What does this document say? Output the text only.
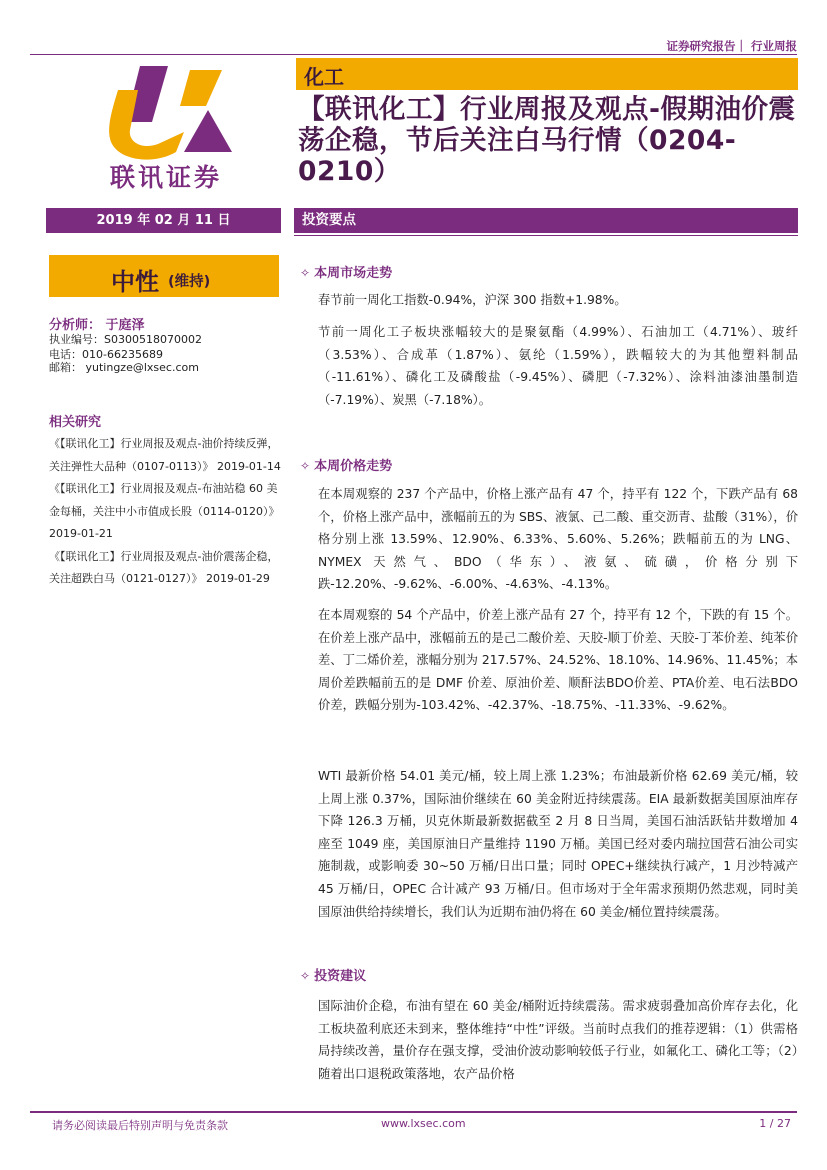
证券研究报告｜ 行业周报
联讯证券
化工
【联讯化工】行业周报及观点-假期油价震荡企稳，节后关注白马行情（0204-0210）
2019 年 02 月 11 日	投资要点
中性 (维持)
分析师： 于庭泽
执业编号：S0300518070002
电话：010-66235689
邮箱： yutingze@lxsec.com
相关研究
《【联讯化工】行业周报及观点-油价持续反弹，关注弹性大品种（0107-0113）》 2019-01-14
《【联讯化工】行业周报及观点-布油站稳 60 美金每桶，关注中小市值成长股（0114-0120）》2019-01-21
《【联讯化工】行业周报及观点-油价震荡企稳，关注超跌白马（0121-0127）》 2019-01-29
✧ 本周市场走势
春节前一周化工指数-0.94%，沪深 300 指数+1.98%。
节前一周化工子板块涨幅较大的是聚氨酯（4.99%）、石油加工（4.71%）、玻纤（3.53%）、合成革（1.87%）、氨纶（1.59%），跌幅较大的为其他塑料制品（-11.61%）、磷化工及磷酸盐（-9.45%）、磷肥（-7.32%）、涂料油漆油墨制造（-7.19%）、炭黑（-7.18%）。
✧ 本周价格走势
在本周观察的 237 个产品中，价格上涨产品有 47 个，持平有 122 个，下跌产品有 68 个，价格上涨产品中，涨幅前五的为 SBS、液氯、己二酸、重交沥青、盐酸（31%），价格分别上涨 13.59%、12.90%、6.33%、5.60%、5.26%；跌幅前五的为 LNG、NYMEX 天然气、BDO（华东）、液氨、硫磺，价格分别下跌-12.20%、-9.62%、-6.00%、-4.63%、-4.13%。
在本周观察的 54 个产品中，价差上涨产品有 27 个，持平有 12 个，下跌的有 15 个。在价差上涨产品中，涨幅前五的是己二酸价差、天胶-顺丁价差、天胶-丁苯价差、纯苯价差、丁二烯价差，涨幅分别为 217.57%、24.52%、18.10%、14.96%、11.45%；本周价差跌幅前五的是 DMF 价差、原油价差、顺酐法BDO价差、PTA价差、电石法BDO价差，跌幅分别为-103.42%、-42.37%、-18.75%、-11.33%、-9.62%。
WTI 最新价格 54.01 美元/桶，较上周上涨 1.23%；布油最新价格 62.69 美元/桶，较上周上涨 0.37%，国际油价继续在 60 美金附近持续震荡。EIA 最新数据美国原油库存下降 126.3 万桶，贝克休斯最新数据截至 2 月 8 日当周，美国石油活跃钻井数增加 4 座至 1049 座，美国原油日产量维持 1190 万桶。美国已经对委内瑞拉国营石油公司实施制裁，或影响委 30~50 万桶/日出口量；同时 OPEC+继续执行减产，1 月沙特减产 45 万桶/日，OPEC 合计减产 93 万桶/日。但市场对于全年需求预期仍然悲观，同时美国原油供给持续增长，我们认为近期布油仍将在 60 美金/桶位置持续震荡。
✧ 投资建议
国际油价企稳，布油有望在 60 美金/桶附近持续震荡。需求疲弱叠加高价库存去化，化工板块盈利底还未到来，整体维持“中性”评级。当前时点我们的推荐逻辑：（1）供需格局持续改善，量价存在强支撑，受油价波动影响较低子行业，如氟化工、磷化工等；（2）随着出口退税政策落地，农产品价格
请务必阅读最后特别声明与免责条款	www.lxsec.com	1 / 27
